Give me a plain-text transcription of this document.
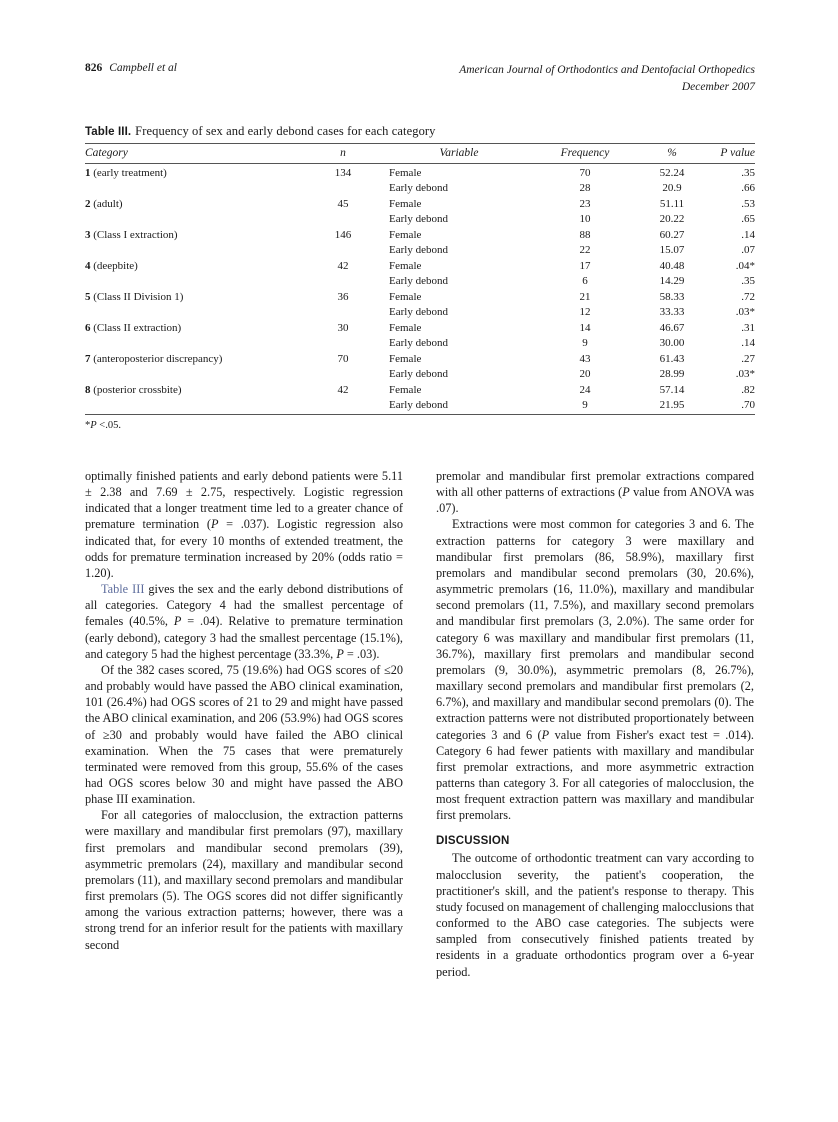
826 Campbell et al	American Journal of Orthodontics and Dentofacial Orthopedics
December 2007
Table III. Frequency of sex and early debond cases for each category
Category	n	Variable	Frequency	%	P value
1 (early treatment)	134	Female	70	52.24	.35
		Early debond	28	20.9	.66
2 (adult)	45	Female	23	51.11	.53
		Early debond	10	20.22	.65
3 (Class I extraction)	146	Female	88	60.27	.14
		Early debond	22	15.07	.07
4 (deepbite)	42	Female	17	40.48	.04*
		Early debond	6	14.29	.35
5 (Class II Division 1)	36	Female	21	58.33	.72
		Early debond	12	33.33	.03*
6 (Class II extraction)	30	Female	14	46.67	.31
		Early debond	9	30.00	.14
7 (anteroposterior discrepancy)	70	Female	43	61.43	.27
		Early debond	20	28.99	.03*
8 (posterior crossbite)	42	Female	24	57.14	.82
		Early debond	9	21.95	.70
*P <.05.

optimally finished patients and early debond patients were 5.11 ± 2.38 and 7.69 ± 2.75, respectively. Logistic regression indicated that a longer treatment time led to a greater chance of premature termination (P = .037). Logistic regression also indicated that, for every 10 months of extended treatment, the odds for premature termination increased by 20% (odds ratio = 1.20).

Table III gives the sex and the early debond distributions of all categories. Category 4 had the smallest percentage of females (40.5%, P = .04). Relative to premature termination (early debond), category 3 had the smallest percentage (15.1%), and category 5 had the highest percentage (33.3%, P = .03).

Of the 382 cases scored, 75 (19.6%) had OGS scores of ≤20 and probably would have passed the ABO clinical examination, 101 (26.4%) had OGS scores of 21 to 29 and might have passed the ABO clinical examination, and 206 (53.9%) had OGS scores of ≥30 and probably would have failed the ABO clinical examination. When the 75 cases that were prematurely terminated were removed from this group, 55.6% of the cases had OGS scores below 30 and might have passed the ABO phase III examination.

For all categories of malocclusion, the extraction patterns were maxillary and mandibular first premolars (97), maxillary first premolars and mandibular second premolars (39), asymmetric premolars (24), maxillary and mandibular second premolars (11), and maxillary second premolars and mandibular first premolars (5). The OGS scores did not differ significantly among the various extraction patterns; however, there was a strong trend for an inferior result for the patients with maxillary second

premolar and mandibular first premolar extractions compared with all other patterns of extractions (P value from ANOVA was .07).

Extractions were most common for categories 3 and 6. The extraction patterns for category 3 were maxillary and mandibular first premolars (86, 58.9%), maxillary first premolars and mandibular second premolars (30, 20.6%), asymmetric premolars (16, 11.0%), maxillary and mandibular second premolars (11, 7.5%), and maxillary second premolars and mandibular first premolars (3, 2.0%). The same order for category 6 was maxillary and mandibular first premolars (11, 36.7%), maxillary first premolars and mandibular second premolars (9, 30.0%), asymmetric premolars (8, 26.7%), maxillary second premolars and mandibular first premolars (2, 6.7%), and maxillary and mandibular second premolars (0). The extraction patterns were not distributed proportionately between categories 3 and 6 (P value from Fisher's exact test = .014). Category 6 had fewer patients with maxillary and mandibular first premolar extractions, and more asymmetric extraction patterns than category 3. For all categories of malocclusion, the most frequent extraction pattern was maxillary and mandibular first premolars.

DISCUSSION

The outcome of orthodontic treatment can vary according to malocclusion severity, the patient's cooperation, the practitioner's skill, and the patient's response to therapy. This study focused on management of challenging malocclusions that conformed to the ABO case categories. The subjects were sampled from consecutively finished patients treated by residents in a graduate orthodontics program over a 6-year period.
